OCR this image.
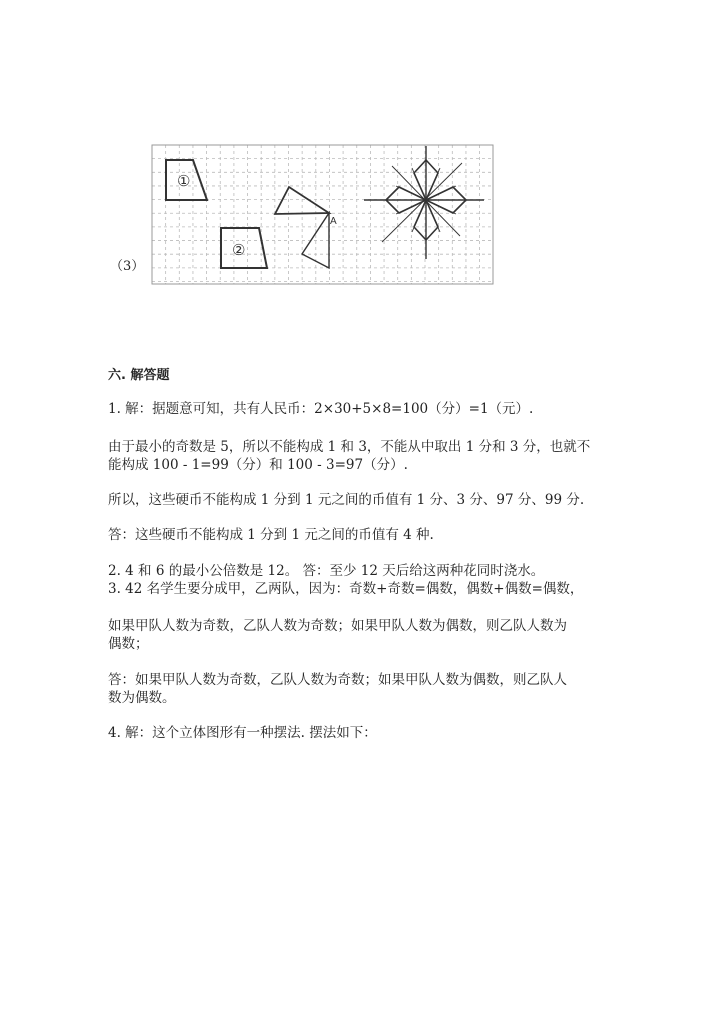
（3）
①
②
A
六. 解答题
1. 解：据题意可知，共有人民币：2×30+5×8=100（分）=1（元）.
由于最小的奇数是 5，所以不能构成 1 和 3，不能从中取出 1 分和 3 分，也就不
能构成 100 - 1=99（分）和 100 - 3=97（分）.
所以，这些硬币不能构成 1 分到 1 元之间的币值有 1 分、3 分、97 分、99 分.
答：这些硬币不能构成 1 分到 1 元之间的币值有 4 种.
2. 4 和 6 的最小公倍数是 12。 答：至少 12 天后给这两种花同时浇水。
3. 42 名学生要分成甲，乙两队，因为：奇数+奇数=偶数，偶数+偶数=偶数，
如果甲队人数为奇数，乙队人数为奇数；如果甲队人数为偶数，则乙队人数为
偶数；
答：如果甲队人数为奇数，乙队人数为奇数；如果甲队人数为偶数，则乙队人
数为偶数。
4. 解：这个立体图形有一种摆法. 摆法如下：
